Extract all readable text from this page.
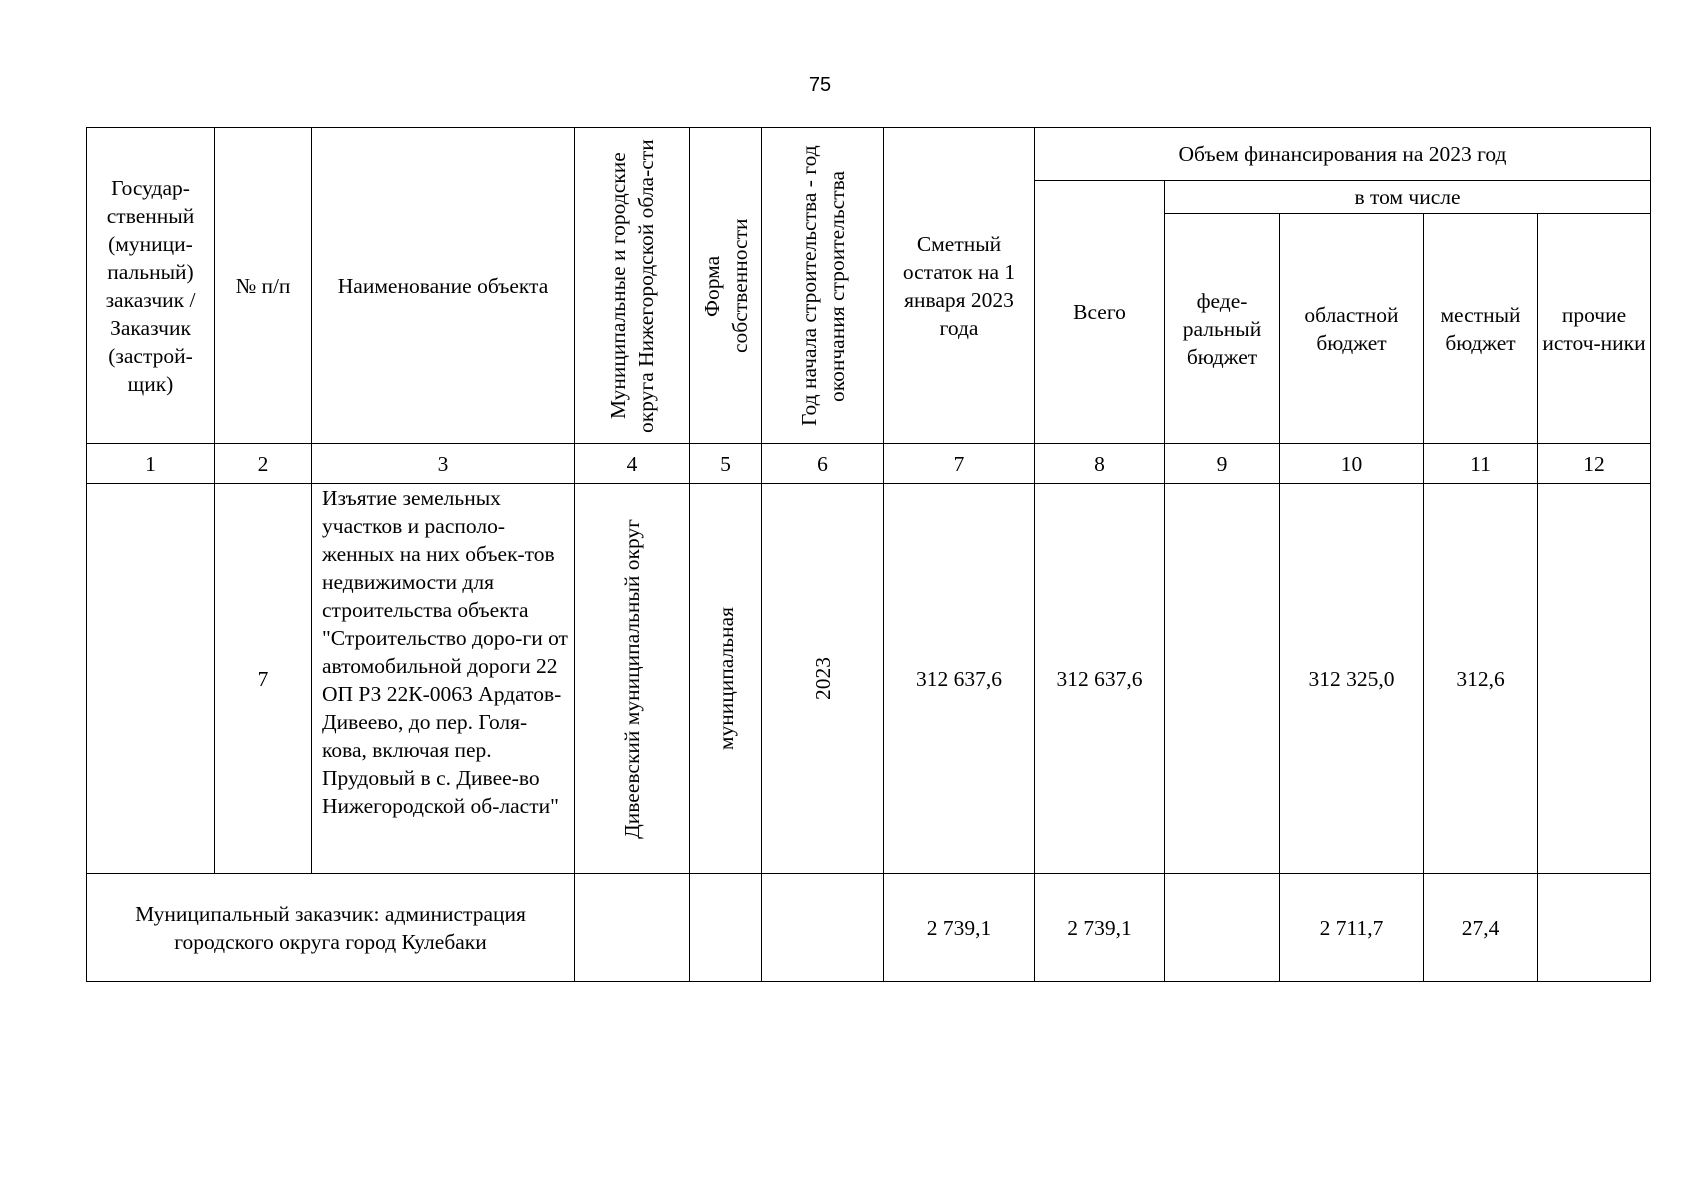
75
Государ-ственный (муници-пальный) заказчик / Заказчик (застрой-щик)	№ п/п	Наименование объекта	Муниципальные и городские округа Нижегородской обла-сти	Форма собственности	Год начала строительства - год окончания строительства	Сметный остаток на 1 января 2023 года	Объем финансирования на 2023 год				
							Всего	в том числе			
								феде-ральный бюджет	областной бюджет	местный бюджет	прочие источ-ники
1	2	3	4	5	6	7	8	9	10	11	12
	7	Изъятие земельных участков и располо-женных на них объек-тов недвижимости для строительства объекта "Строительство доро-ги от автомобильной дороги 22 ОП РЗ 22К-0063 Ардатов-Дивеево, до пер. Голя-кова, включая пер. Прудовый в с. Дивее-во Нижегородской об-ласти"	Дивеевский муниципальный округ	муниципальная	2023	312 637,6	312 637,6		312 325,0	312,6	
Муниципальный заказчик: администрация городского округа город Кулебаки						2 739,1	2 739,1		2 711,7	27,4	
